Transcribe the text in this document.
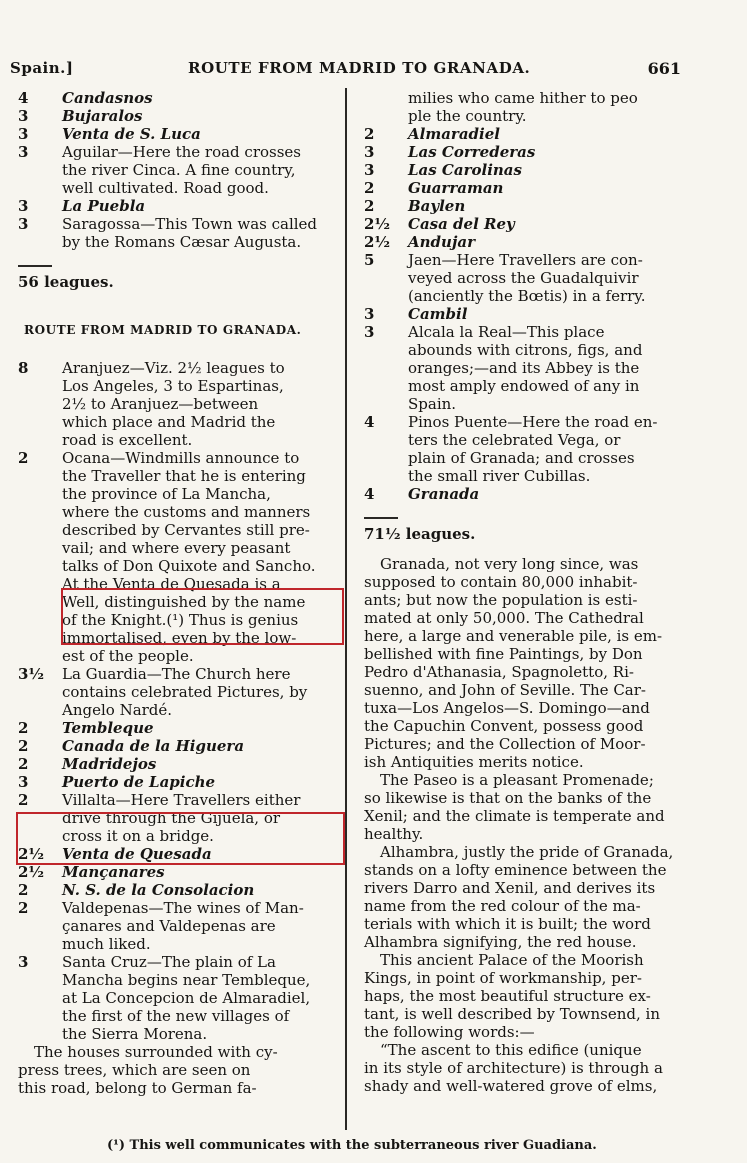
Spain.]	ROUTE FROM MADRID TO GRANADA.	661
4	Candasnos
3	Bujaralos
3	Venta de S. Luca
3	Aguilar—Here the road crosses
the river Cinca. A fine country,
well cultivated. Road good.
3	La Puebla
3	Saragossa—This Town was called
by the Romans Cæsar Augusta.
56 leagues.
ROUTE FROM MADRID TO GRANADA.
8	Aranjuez—Viz. 2½ leagues to
Los Angeles, 3 to Espartinas,
2½ to Aranjuez—between
which place and Madrid the
road is excellent.
2	Ocana—Windmills announce to
the Traveller that he is entering
the province of La Mancha,
where the customs and manners
described by Cervantes still pre-
vail; and where every peasant
talks of Don Quixote and Sancho.
At the Venta de Quesada is a
Well, distinguished by the name
of the Knight.(¹) Thus is genius
immortalised, even by the low-
est of the people.
3½	La Guardia—The Church here
contains celebrated Pictures, by
Angelo Nardé.
2	Tembleque
2	Canada de la Higuera
2	Madridejos
3	Puerto de Lapiche
2	Villalta—Here Travellers either
drive through the Gijuela, or
cross it on a bridge.
2½	Venta de Quesada
2½	Mançanares
2	N. S. de la Consolacion
2	Valdepenas—The wines of Man-
çanares and Valdepenas are
much liked.
3	Santa Cruz—The plain of La
Mancha begins near Tembleque,
at La Concepcion de Almaradiel,
the first of the new villages of
the Sierra Morena.
The houses surrounded with cy-
press trees, which are seen on
this road, belong to German fa-
milies who came hither to peo
ple the country.
2	Almaradiel
3	Las Correderas
3	Las Carolinas
2	Guarraman
2	Baylen
2½	Casa del Rey
2½	Andujar
5	Jaen—Here Travellers are con-
veyed across the Guadalquivir
(anciently the Bœtis) in a ferry.
3	Cambil
3	Alcala la Real—This place
abounds with citrons, figs, and
oranges;—and its Abbey is the
most amply endowed of any in
Spain.
4	Pinos Puente—Here the road en-
ters the celebrated Vega, or
plain of Granada; and crosses
the small river Cubillas.
4	Granada
71½ leagues.
Granada, not very long since, was
supposed to contain 80,000 inhabit-
ants; but now the population is esti-
mated at only 50,000. The Cathedral
here, a large and venerable pile, is em-
bellished with fine Paintings, by Don
Pedro d'Athanasia, Spagnoletto, Ri-
suenno, and John of Seville. The Car-
tuxa—Los Angelos—S. Domingo—and
the Capuchin Convent, possess good
Pictures; and the Collection of Moor-
ish Antiquities merits notice.
The Paseo is a pleasant Promenade;
so likewise is that on the banks of the
Xenil; and the climate is temperate and
healthy.
Alhambra, justly the pride of Granada,
stands on a lofty eminence between the
rivers Darro and Xenil, and derives its
name from the red colour of the ma-
terials with which it is built; the word
Alhambra signifying, the red house.
This ancient Palace of the Moorish
Kings, in point of workmanship, per-
haps, the most beautiful structure ex-
tant, is well described by Townsend, in
the following words:—
“The ascent to this edifice (unique
in its style of architecture) is through a
shady and well-watered grove of elms,
(¹) This well communicates with the subterraneous river Guadiana.
